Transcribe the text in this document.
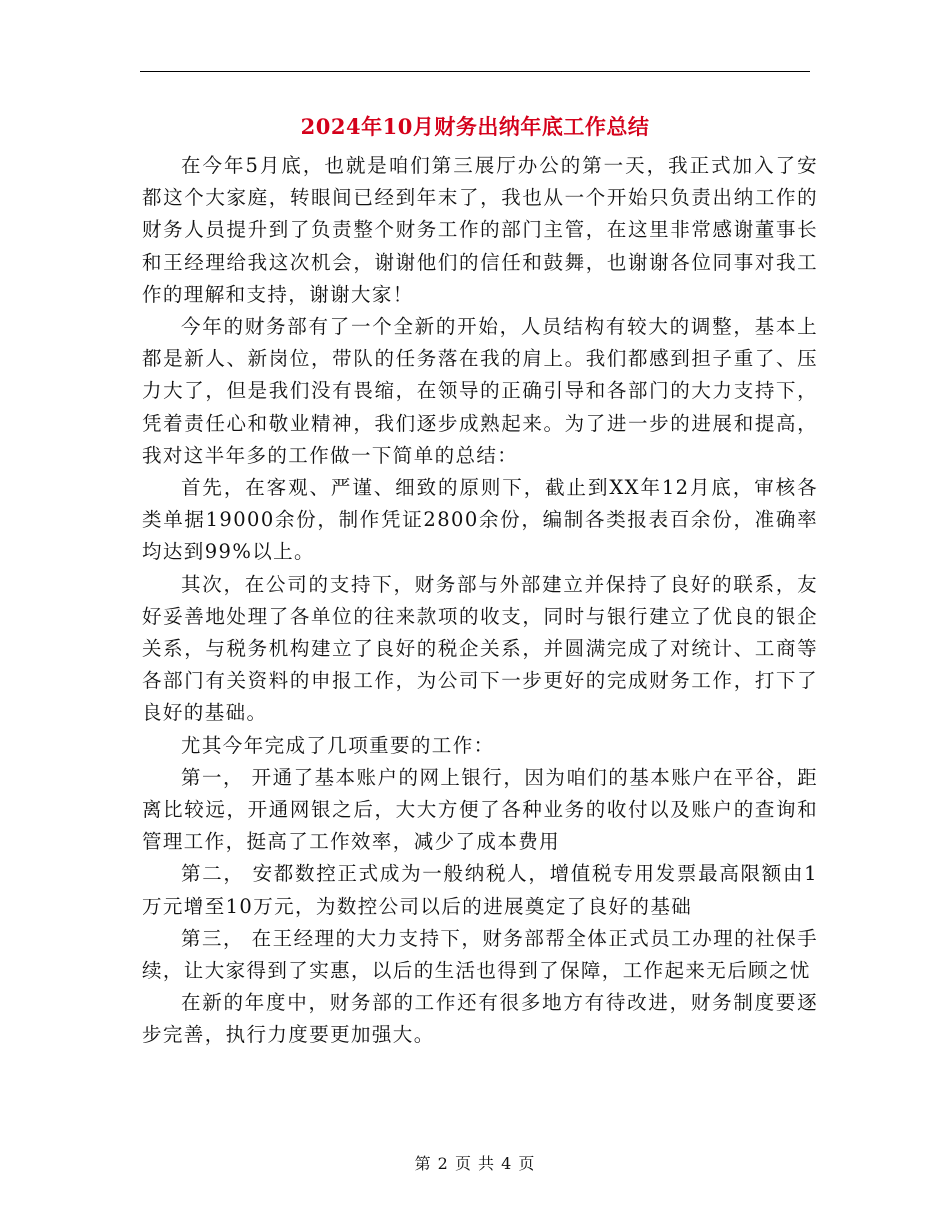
2024年10月财务出纳年底工作总结

在今年5月底，也就是咱们第三展厅办公的第一天，我正式加入了安都这个大家庭，转眼间已经到年末了，我也从一个开始只负责出纳工作的财务人员提升到了负责整个财务工作的部门主管，在这里非常感谢董事长和王经理给我这次机会，谢谢他们的信任和鼓舞，也谢谢各位同事对我工作的理解和支持，谢谢大家！

今年的财务部有了一个全新的开始，人员结构有较大的调整，基本上都是新人、新岗位，带队的任务落在我的肩上。我们都感到担子重了、压力大了，但是我们没有畏缩，在领导的正确引导和各部门的大力支持下，凭着责任心和敬业精神，我们逐步成熟起来。为了进一步的进展和提高，我对这半年多的工作做一下简单的总结：

首先，在客观、严谨、细致的原则下，截止到XX年12月底，审核各类单据19000余份，制作凭证2800余份，编制各类报表百余份，准确率均达到99%以上。

其次，在公司的支持下，财务部与外部建立并保持了良好的联系，友好妥善地处理了各单位的往来款项的收支，同时与银行建立了优良的银企关系，与税务机构建立了良好的税企关系，并圆满完成了对统计、工商等各部门有关资料的申报工作，为公司下一步更好的完成财务工作，打下了良好的基础。

尤其今年完成了几项重要的工作：

第一， 开通了基本账户的网上银行，因为咱们的基本账户在平谷，距离比较远，开通网银之后，大大方便了各种业务的收付以及账户的查询和管理工作，挺高了工作效率，减少了成本费用

第二， 安都数控正式成为一般纳税人，增值税专用发票最高限额由1万元增至10万元，为数控公司以后的进展奠定了良好的基础

第三， 在王经理的大力支持下，财务部帮全体正式员工办理的社保手续，让大家得到了实惠，以后的生活也得到了保障，工作起来无后顾之忧

在新的年度中，财务部的工作还有很多地方有待改进，财务制度要逐步完善，执行力度要更加强大。

第 2 页 共 4 页
